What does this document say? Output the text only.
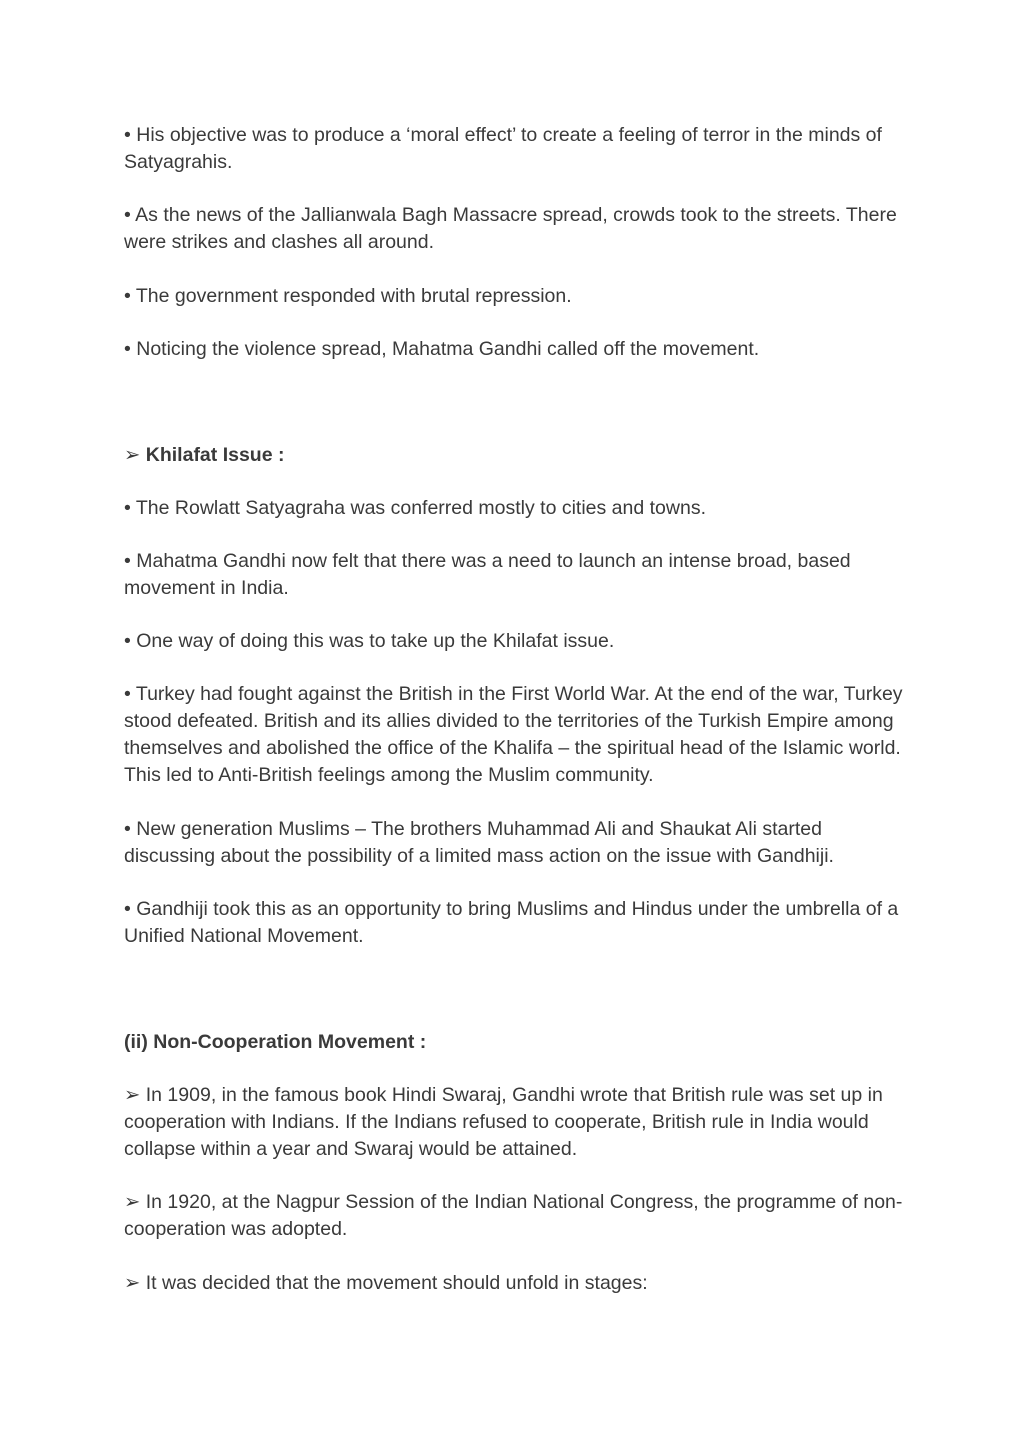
• His objective was to produce a ‘moral effect’ to create a feeling of terror in the minds of Satyagrahis.

• As the news of the Jallianwala Bagh Massacre spread, crowds took to the streets. There were strikes and clashes all around.

• The government responded with brutal repression.

• Noticing the violence spread, Mahatma Gandhi called off the movement.

➢ Khilafat Issue :

• The Rowlatt Satyagraha was conferred mostly to cities and towns.

• Mahatma Gandhi now felt that there was a need to launch an intense broad, based movement in India.

• One way of doing this was to take up the Khilafat issue.

• Turkey had fought against the British in the First World War. At the end of the war, Turkey stood defeated. British and its allies divided to the territories of the Turkish Empire among themselves and abolished the office of the Khalifa – the spiritual head of the Islamic world. This led to Anti-British feelings among the Muslim community.

• New generation Muslims – The brothers Muhammad Ali and Shaukat Ali started discussing about the possibility of a limited mass action on the issue with Gandhiji.

• Gandhiji took this as an opportunity to bring Muslims and Hindus under the umbrella of a Unified National Movement.

(ii) Non-Cooperation Movement :

➢ In 1909, in the famous book Hindi Swaraj, Gandhi wrote that British rule was set up in cooperation with Indians. If the Indians refused to cooperate, British rule in India would collapse within a year and Swaraj would be attained.

➢ In 1920, at the Nagpur Session of the Indian National Congress, the programme of non-cooperation was adopted.

➢ It was decided that the movement should unfold in stages:
